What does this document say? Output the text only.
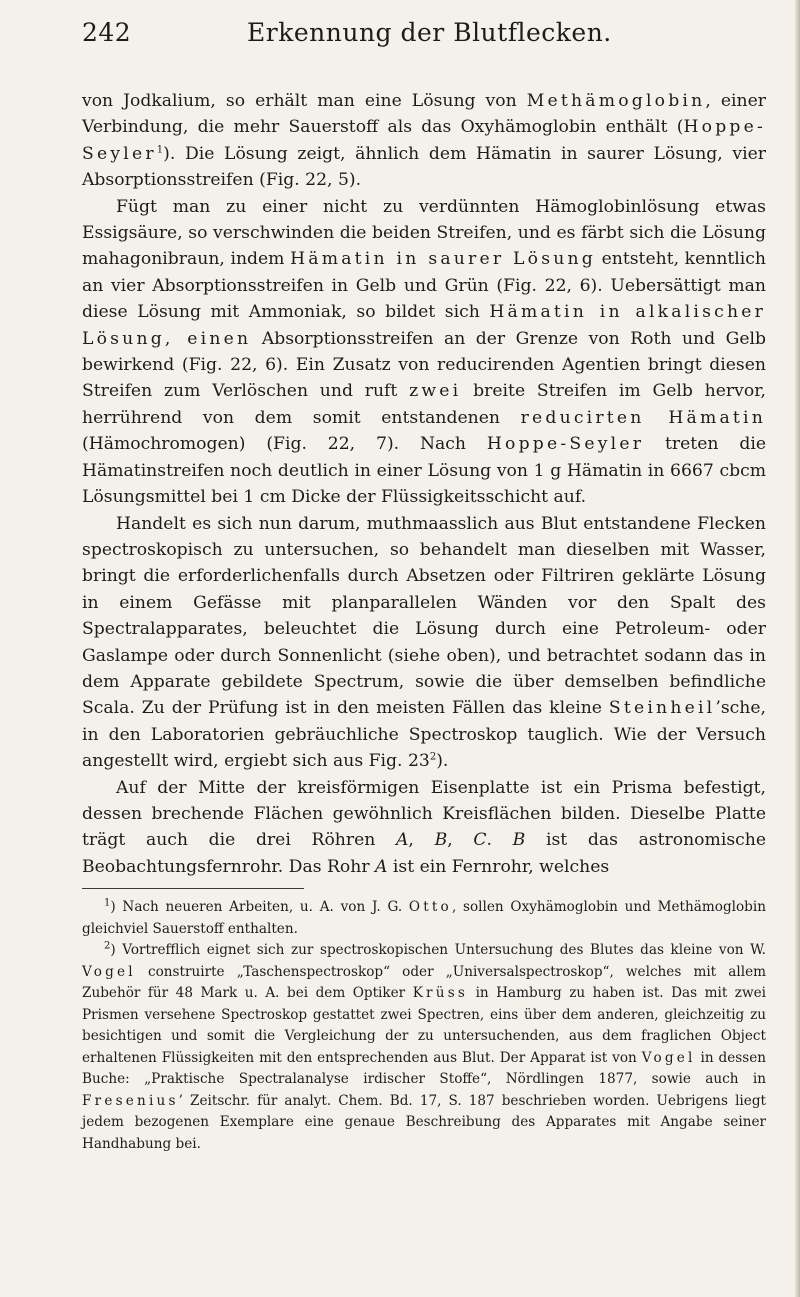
242	Erkennung der Blutflecken.

von Jodkalium, so erhält man eine Lösung von Methämoglobin, einer Verbindung, die mehr Sauerstoff als das Oxyhämoglobin enthält (Hoppe-Seyler$^1$). Die Lösung zeigt, ähnlich dem Hämatin in saurer Lösung, vier Absorptionsstreifen (Fig. 22, 5).

Fügt man zu einer nicht zu verdünnten Hämoglobinlösung etwas Essigsäure, so verschwinden die beiden Streifen, und es färbt sich die Lösung mahagonibraun, indem Hämatin in saurer Lösung entsteht, kenntlich an vier Absorptionsstreifen in Gelb und Grün (Fig. 22, 6). Uebersättigt man diese Lösung mit Ammoniak, so bildet sich Hämatin in alkalischer Lösung, einen Absorptionsstreifen an der Grenze von Roth und Gelb bewirkend (Fig. 22, 6). Ein Zusatz von reducirenden Agentien bringt diesen Streifen zum Verlöschen und ruft zwei breite Streifen im Gelb hervor, herrührend von dem somit entstandenen reducirten Hämatin (Hämochromogen) (Fig. 22, 7). Nach Hoppe-Seyler treten die Hämatinstreifen noch deutlich in einer Lösung von 1 g Hämatin in 6667 cbcm Lösungsmittel bei 1 cm Dicke der Flüssigkeitsschicht auf.

Handelt es sich nun darum, muthmaasslich aus Blut entstandene Flecken spectroskopisch zu untersuchen, so behandelt man dieselben mit Wasser, bringt die erforderlichenfalls durch Absetzen oder Filtriren geklärte Lösung in einem Gefässe mit planparallelen Wänden vor den Spalt des Spectralapparates, beleuchtet die Lösung durch eine Petroleum- oder Gaslampe oder durch Sonnenlicht (siehe oben), und betrachtet sodann das in dem Apparate gebildete Spectrum, sowie die über demselben befindliche Scala. Zu der Prüfung ist in den meisten Fällen das kleine Steinheil’sche, in den Laboratorien gebräuchliche Spectroskop tauglich. Wie der Versuch angestellt wird, ergiebt sich aus Fig. 23$^2$).

Auf der Mitte der kreisförmigen Eisenplatte ist ein Prisma befestigt, dessen brechende Flächen gewöhnlich Kreisflächen bilden. Dieselbe Platte trägt auch die drei Röhren A, B, C. B ist das astronomische Beobachtungsfernrohr. Das Rohr A ist ein Fernrohr, welches

$^1$) Nach neueren Arbeiten, u. A. von J. G. Otto, sollen Oxyhämoglobin und Methämoglobin gleichviel Sauerstoff enthalten.

$^2$) Vortrefflich eignet sich zur spectroskopischen Untersuchung des Blutes das kleine von W. Vogel construirte „Taschenspectroskop“ oder „Universalspectroskop“, welches mit allem Zubehör für 48 Mark u. A. bei dem Optiker Krüss in Hamburg zu haben ist. Das mit zwei Prismen versehene Spectroskop gestattet zwei Spectren, eins über dem anderen, gleichzeitig zu besichtigen und somit die Vergleichung der zu untersuchenden, aus dem fraglichen Object erhaltenen Flüssigkeiten mit den entsprechenden aus Blut. Der Apparat ist von Vogel in dessen Buche: „Praktische Spectralanalyse irdischer Stoffe“, Nördlingen 1877, sowie auch in Fresenius’ Zeitschr. für analyt. Chem. Bd. 17, S. 187 beschrieben worden. Uebrigens liegt jedem bezogenen Exemplare eine genaue Beschreibung des Apparates mit Angabe seiner Handhabung bei.
